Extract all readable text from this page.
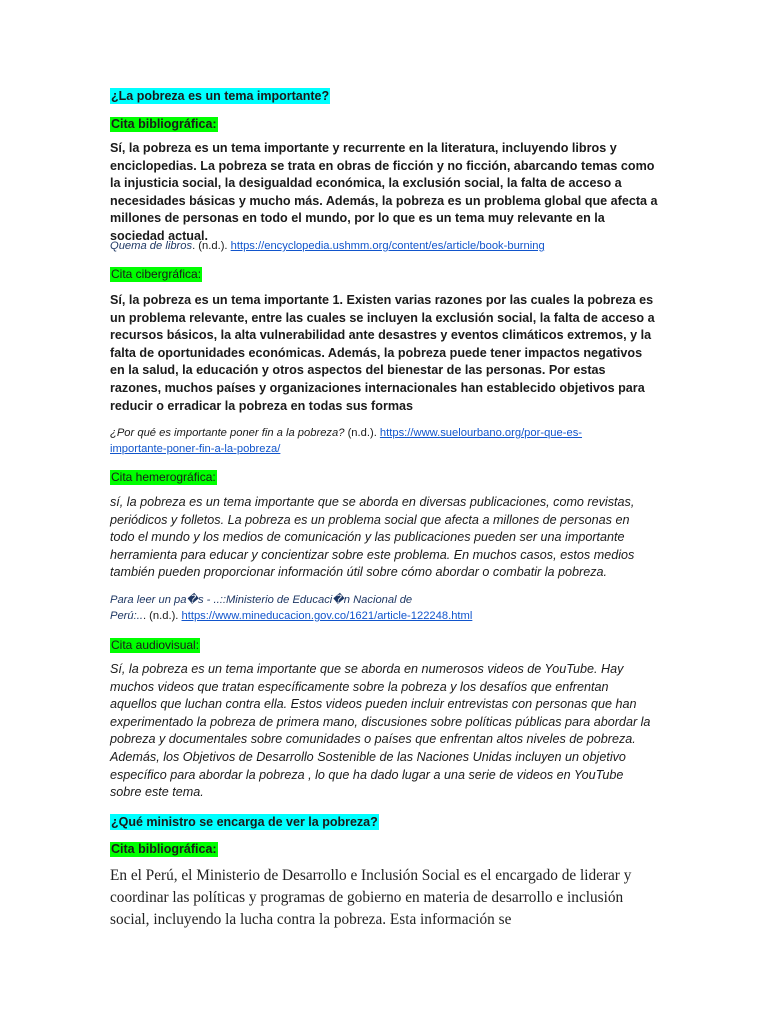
¿La pobreza es un tema importante?
Cita bibliográfica:

Sí, la pobreza es un tema importante y recurrente en la literatura, incluyendo libros y enciclopedias. La pobreza se trata en obras de ficción y no ficción, abarcando temas como la injusticia social, la desigualdad económica, la exclusión social, la falta de acceso a necesidades básicas y mucho más. Además, la pobreza es un problema global que afecta a millones de personas en todo el mundo, por lo que es un tema muy relevante en la sociedad actual.

Quema de libros. (n.d.). https://encyclopedia.ushmm.org/content/es/article/book-burning

Cita cibergráfica:

Sí, la pobreza es un tema importante 1. Existen varias razones por las cuales la pobreza es un problema relevante, entre las cuales se incluyen la exclusión social, la falta de acceso a recursos básicos, la alta vulnerabilidad ante desastres y eventos climáticos extremos, y la falta de oportunidades económicas. Además, la pobreza puede tener impactos negativos en la salud, la educación y otros aspectos del bienestar de las personas. Por estas razones, muchos países y organizaciones internacionales han establecido objetivos para reducir o erradicar la pobreza en todas sus formas

¿Por qué es importante poner fin a la pobreza? (n.d.). https://www.suelourbano.org/por-que-es-
importante-poner-fin-a-la-pobreza/

Cita hemerográfica:

sí, la pobreza es un tema importante que se aborda en diversas publicaciones, como revistas, periódicos y folletos. La pobreza es un problema social que afecta a millones de personas en todo el mundo y los medios de comunicación y las publicaciones pueden ser una importante herramienta para educar y concientizar sobre este problema. En muchos casos, estos medios también pueden proporcionar información útil sobre cómo abordar o combatir la pobreza.

Para leer un pa�s - ..::Ministerio de Educaci�n Nacional de
Perú:... (n.d.). https://www.mineducacion.gov.co/1621/article-122248.html

Cita audiovisual:

Sí, la pobreza es un tema importante que se aborda en numerosos videos de YouTube. Hay muchos videos que tratan específicamente sobre la pobreza y los desafíos que enfrentan aquellos que luchan contra ella. Estos videos pueden incluir entrevistas con personas que han experimentado la pobreza de primera mano, discusiones sobre políticas públicas para abordar la pobreza y documentales sobre comunidades o países que enfrentan altos niveles de pobreza. Además, los Objetivos de Desarrollo Sostenible de las Naciones Unidas incluyen un objetivo específico para abordar la pobreza , lo que ha dado lugar a una serie de videos en YouTube sobre este tema.

¿Qué ministro se encarga de ver la pobreza?
Cita bibliográfica:

En el Perú, el Ministerio de Desarrollo e Inclusión Social es el encargado de liderar y coordinar las políticas y programas de gobierno en materia de desarrollo e inclusión social, incluyendo la lucha contra la pobreza. Esta información se
